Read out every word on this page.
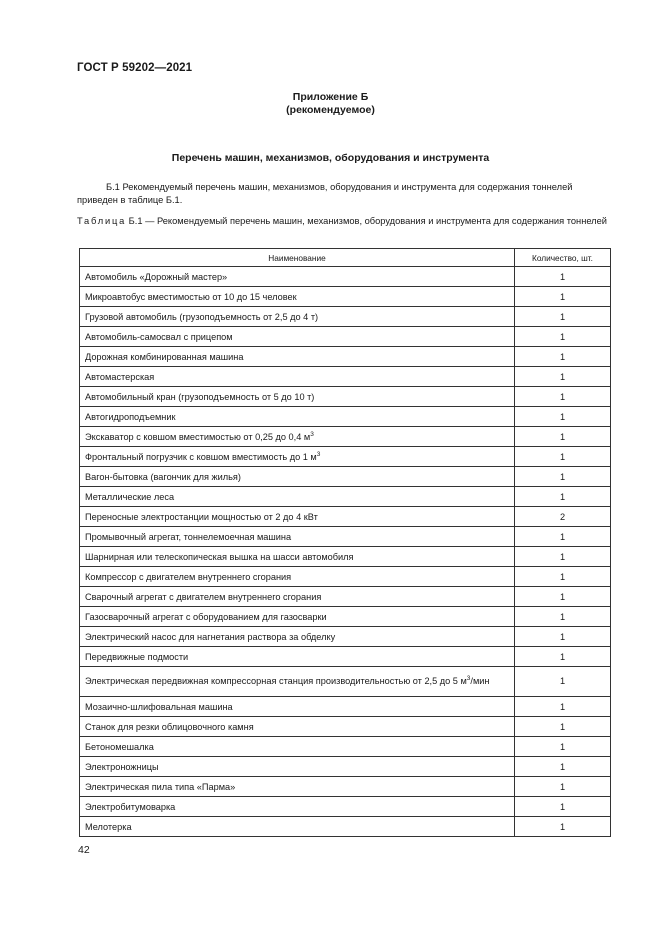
ГОСТ Р 59202—2021
Приложение Б
(рекомендуемое)
Перечень машин, механизмов, оборудования и инструмента
Б.1 Рекомендуемый перечень машин, механизмов, оборудования и инструмента для содержания тоннелей приведен в таблице Б.1.
Таблица Б.1 — Рекомендуемый перечень машин, механизмов, оборудования и инструмента для содержания тоннелей
Наименование	Количество, шт.
Автомобиль «Дорожный мастер»	1
Микроавтобус вместимостью от 10 до 15 человек	1
Грузовой автомобиль (грузоподъемность от 2,5 до 4 т)	1
Автомобиль-самосвал с прицепом	1
Дорожная комбинированная машина	1
Автомастерская	1
Автомобильный кран (грузоподъемность от 5 до 10 т)	1
Автогидроподъемник	1
Экскаватор с ковшом вместимостью от 0,25 до 0,4 $м^3$	1
Фронтальный погрузчик с ковшом вместимость до 1 $м^3$	1
Вагон-бытовка (вагончик для жилья)	1
Металлические леса	1
Переносные электростанции мощностью от 2 до 4 кВт	2
Промывочный агрегат, тоннелемоечная машина	1
Шарнирная или телескопическая вышка на шасси автомобиля	1
Компрессор с двигателем внутреннего сгорания	1
Сварочный агрегат с двигателем внутреннего сгорания	1
Газосварочный агрегат с оборудованием для газосварки	1
Электрический насос для нагнетания раствора за обделку	1
Передвижные подмости	1
Электрическая передвижная компрессорная станция производительностью от 2,5 до 5 $м^3$/мин	1
Мозаично-шлифовальная машина	1
Станок для резки облицовочного камня	1
Бетономешалка	1
Электроножницы	1
Электрическая пила типа «Парма»	1
Электробитумоварка	1
Мелотерка	1
42
